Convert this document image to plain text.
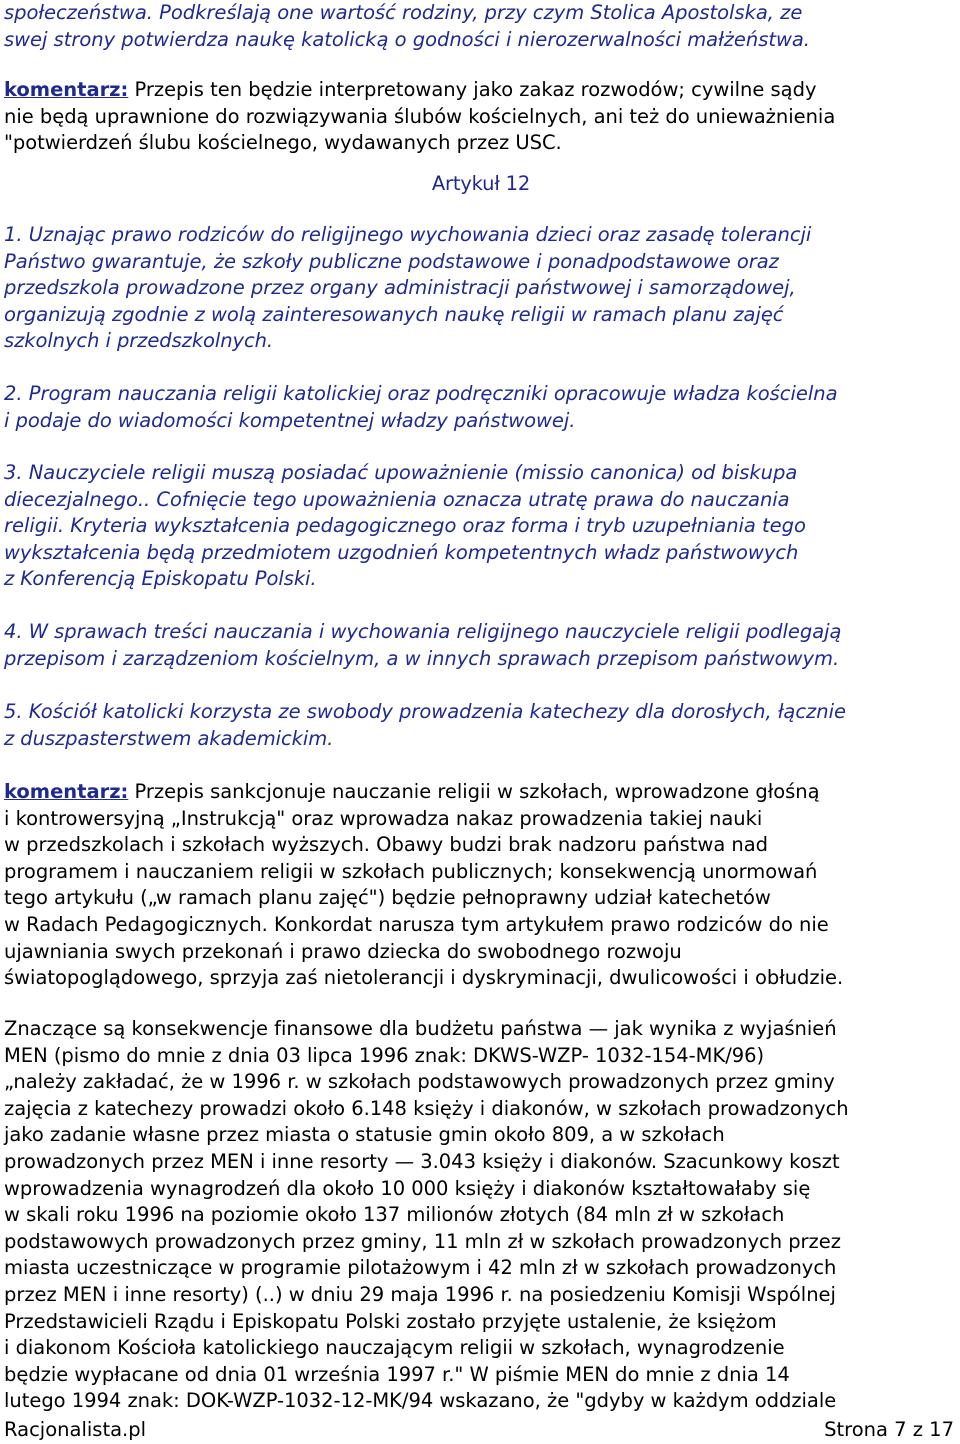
społeczeństwa. Podkreślają one wartość rodziny, przy czym Stolica Apostolska, ze
swej strony potwierdza naukę katolicką o godności i nierozerwalności małżeństwa.
komentarz: Przepis ten będzie interpretowany jako zakaz rozwodów; cywilne sądy
nie będą uprawnione do rozwiązywania ślubów kościelnych, ani też do unieważnienia
"potwierdzeń ślubu kościelnego, wydawanych przez USC.
Artykuł 12
1. Uznając prawo rodziców do religijnego wychowania dzieci oraz zasadę tolerancji
Państwo gwarantuje, że szkoły publiczne podstawowe i ponadpodstawowe oraz
przedszkola prowadzone przez organy administracji państwowej i samorządowej,
organizują zgodnie z wolą zainteresowanych naukę religii w ramach planu zajęć
szkolnych i przedszkolnych.
2. Program nauczania religii katolickiej oraz podręczniki opracowuje władza kościelna
i podaje do wiadomości kompetentnej władzy państwowej.
3. Nauczyciele religii muszą posiadać upoważnienie (missio canonica) od biskupa
diecezjalnego.. Cofnięcie tego upoważnienia oznacza utratę prawa do nauczania
religii. Kryteria wykształcenia pedagogicznego oraz forma i tryb uzupełniania tego
wykształcenia będą przedmiotem uzgodnień kompetentnych władz państwowych
z Konferencją Episkopatu Polski.
4. W sprawach treści nauczania i wychowania religijnego nauczyciele religii podlegają
przepisom i zarządzeniom kościelnym, a w innych sprawach przepisom państwowym.
5. Kościół katolicki korzysta ze swobody prowadzenia katechezy dla dorosłych, łącznie
z duszpasterstwem akademickim.
komentarz: Przepis sankcjonuje nauczanie religii w szkołach, wprowadzone głośną
i kontrowersyjną „Instrukcją" oraz wprowadza nakaz prowadzenia takiej nauki
w przedszkolach i szkołach wyższych. Obawy budzi brak nadzoru państwa nad
programem i nauczaniem religii w szkołach publicznych; konsekwencją unormowań
tego artykułu („w ramach planu zajęć") będzie pełnoprawny udział katechetów
w Radach Pedagogicznych. Konkordat narusza tym artykułem prawo rodziców do nie
ujawniania swych przekonań i prawo dziecka do swobodnego rozwoju
światopoglądowego, sprzyja zaś nietolerancji i dyskryminacji, dwulicowości i obłudzie.
Znaczące są konsekwencje finansowe dla budżetu państwa — jak wynika z wyjaśnień
MEN (pismo do mnie z dnia 03 lipca 1996 znak: DKWS-WZP- 1032-154-MK/96)
„należy zakładać, że w 1996 r. w szkołach podstawowych prowadzonych przez gminy
zajęcia z katechezy prowadzi około 6.148 księży i diakonów, w szkołach prowadzonych
jako zadanie własne przez miasta o statusie gmin około 809, a w szkołach
prowadzonych przez MEN i inne resorty — 3.043 księży i diakonów. Szacunkowy koszt
wprowadzenia wynagrodzeń dla około 10 000 księży i diakonów kształtowałaby się
w skali roku 1996 na poziomie około 137 milionów złotych (84 mln zł w szkołach
podstawowych prowadzonych przez gminy, 11 mln zł w szkołach prowadzonych przez
miasta uczestniczące w programie pilotażowym i 42 mln zł w szkołach prowadzonych
przez MEN i inne resorty) (..) w dniu 29 maja 1996 r. na posiedzeniu Komisji Wspólnej
Przedstawicieli Rządu i Episkopatu Polski zostało przyjęte ustalenie, że księżom
i diakonom Kościoła katolickiego nauczającym religii w szkołach, wynagrodzenie
będzie wypłacane od dnia 01 września 1997 r." W piśmie MEN do mnie z dnia 14
lutego 1994 znak: DOK-WZP-1032-12-MK/94 wskazano, że "gdyby w każdym oddziale
Racjonalista.pl	Strona 7 z 17
